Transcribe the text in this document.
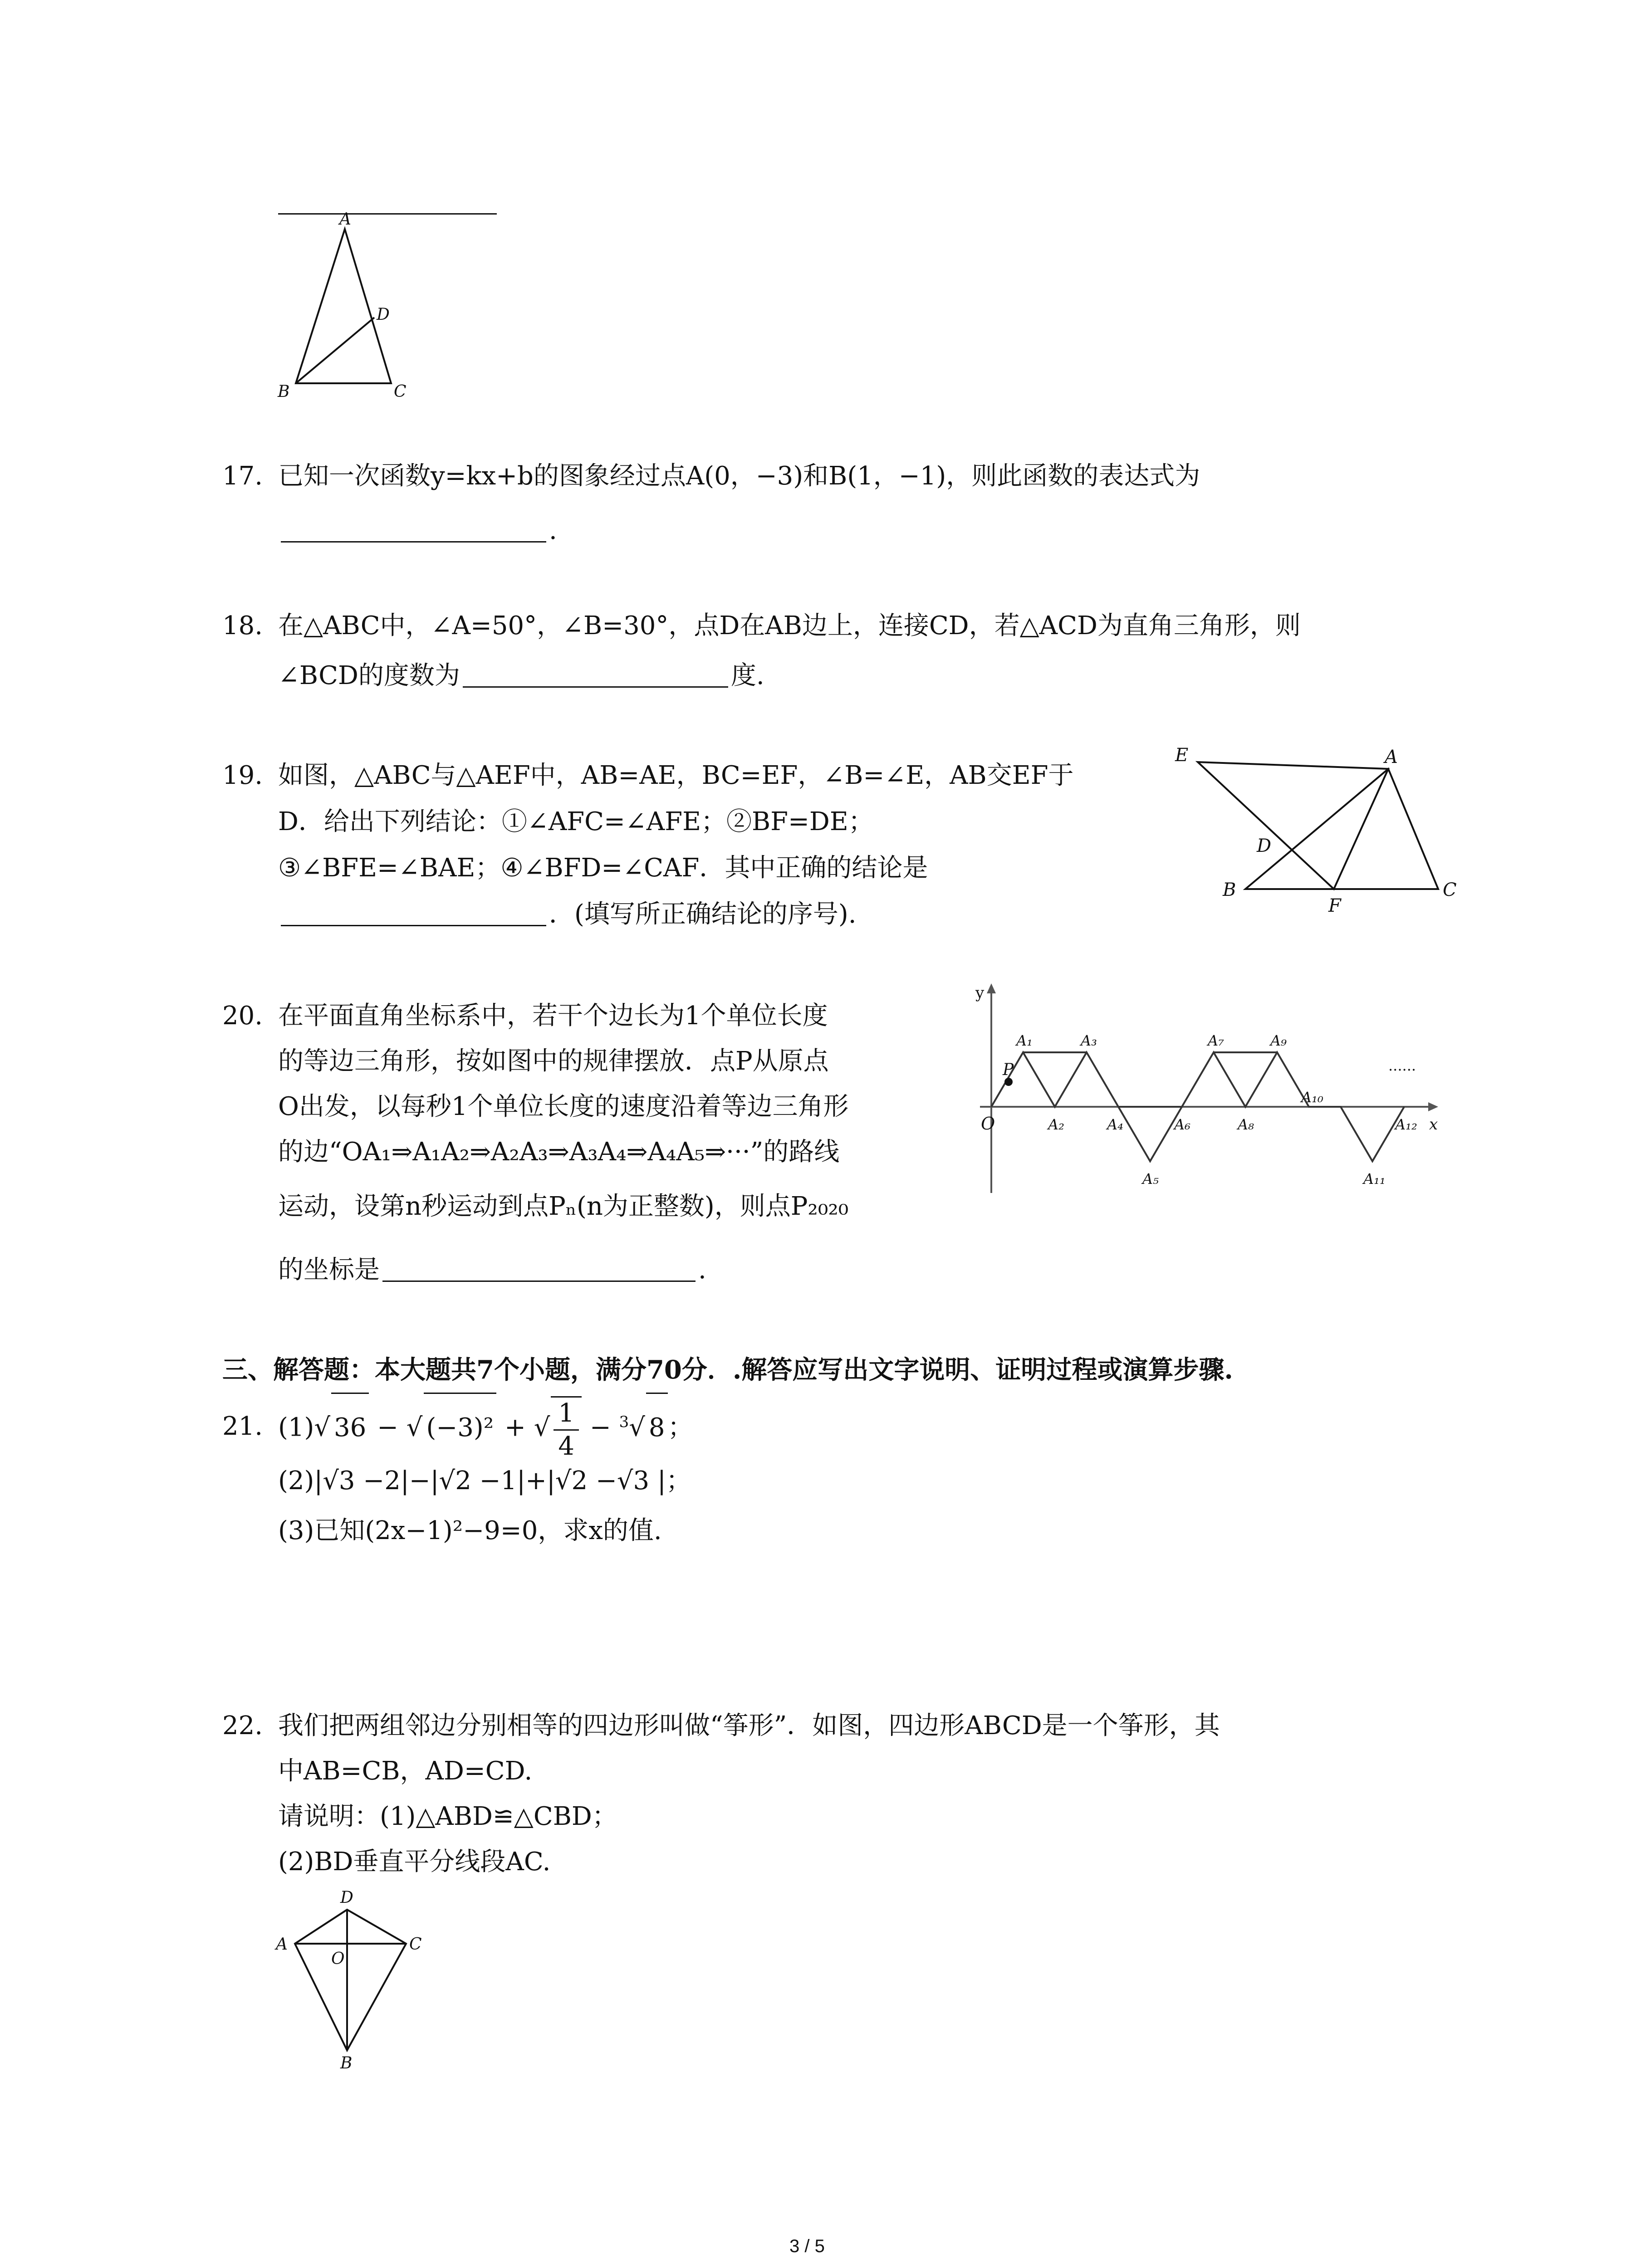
A
D
B	C
17. 已知一次函数y=kx+b的图象经过点A(0，−3)和B(1，−1)，则此函数的表达式为
.
18. 在△ABC中，∠A=50°，∠B=30°，点D在AB边上，连接CD，若△ACD为直角三角形，则
∠BCD的度数为	度.
19. 如图，△ABC与△AEF中，AB=AE，BC=EF，∠B=∠E，AB交EF于
D．给出下列结论：①∠AFC=∠AFE；②BF=DE；
③∠BFE=∠BAE；④∠BFD=∠CAF．其中正确的结论是
．(填写所正确结论的序号).
E	A
D
B
F
C
20. 在平面直角坐标系中，若干个边长为1个单位长度
的等边三角形，按如图中的规律摆放．点P从原点
O出发，以每秒1个单位长度的速度沿着等边三角形
的边“OA₁⇒A₁A₂⇒A₂A₃⇒A₃A₄⇒A₄A₅⇒···”的路线
运动，设第n秒运动到点Pₙ(n为正整数)，则点P₂₀₂₀
的坐标是	.
y
x
O
P
A₁
A₂
A₃
A₄
A₅
A₆
A₇
A₈
A₉
A₁₀
A₁₁
A₁₂
......
三、解答题：本大题共7个小题，满分70分．.解答应写出文字说明、证明过程或演算步骤.
21. (1)√ 36 − √ (−3)² + √ $\frac{1}{4} - ^3√$ 8 ；
(2)|√3 −2|−|√2 −1|+|√2 −√3 |；
(3)已知(2x−1)²−9=0，求x的值.
22. 我们把两组邻边分别相等的四边形叫做“筝形”．如图，四边形ABCD是一个筝形，其
中AB=CB，AD=CD.
请说明：(1)△ABD≌△CBD；
(2)BD垂直平分线段AC.
D
A	C
O
B
3 / 5
